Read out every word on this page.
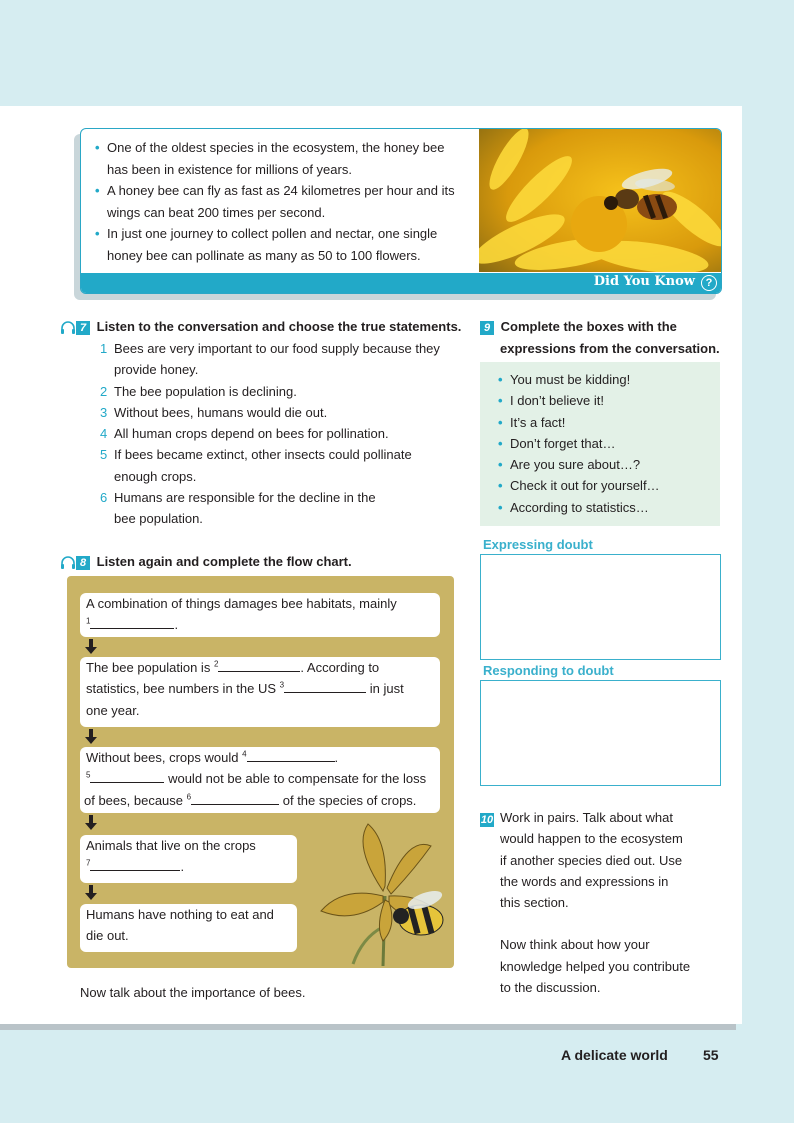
• One of the oldest species in the ecosystem, the honey bee has been in existence for millions of years.
• A honey bee can fly as fast as 24 kilometres per hour and its wings can beat 200 times per second.
• In just one journey to collect pollen and nectar, one single honey bee can pollinate as many as 50 to 100 flowers.
Did You Know ?
7 Listen to the conversation and choose the true statements.
1 Bees are very important to our food supply because they
provide honey.
2 The bee population is declining.
3 Without bees, humans would die out.
4 All human crops depend on bees for pollination.
5 If bees became extinct, other insects could pollinate
enough crops.
6 Humans are responsible for the decline in the
bee population.
9 Complete the boxes with the
expressions from the conversation.
• You must be kidding!
• I don’t believe it!
• It’s a fact!
• Don’t forget that…
• Are you sure about…?
• Check it out for yourself…
• According to statistics…
Expressing doubt
Responding to doubt
8 Listen again and complete the flow chart.
A combination of things damages bee habitats, mainly
$^1$	.
The bee population is $^2$	. According to
statistics, bee numbers in the US $^3$	in just
one year.
Without bees, crops would $^4$	.
$^5$	would not be able to compensate for the loss
of bees, because $^6$	of the species of crops.
Animals that live on the crops
$^7$	.
Humans have nothing to eat and
die out.
Now talk about the importance of bees.
10 Work in pairs. Talk about what
would happen to the ecosystem
if another species died out. Use
the words and expressions in
this section.
Now think about how your
knowledge helped you contribute
to the discussion.
A delicate world	55
